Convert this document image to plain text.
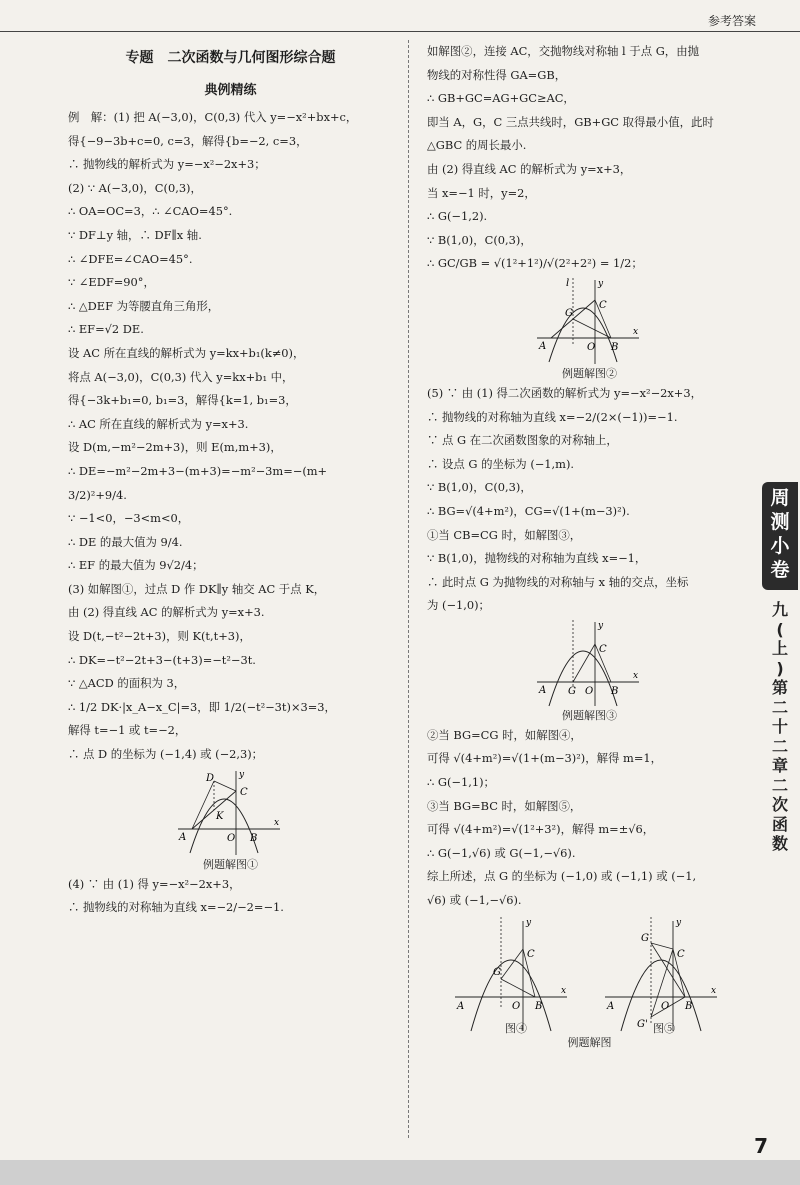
参考答案
专题　二次函数与几何图形综合题
典例精练
例　解：(1) 把 A(−3,0)，C(0,3) 代入 y=−x²+bx+c，
得{−9−3b+c=0, c=3，解得{b=−2, c=3，
∴ 抛物线的解析式为 y=−x²−2x+3；
(2) ∵ A(−3,0)，C(0,3)，
∴ OA=OC=3，∴ ∠CAO=45°.
∵ DF⊥y 轴，∴ DF∥x 轴.
∴ ∠DFE=∠CAO=45°.
∵ ∠EDF=90°，
∴ △DEF 为等腰直角三角形，
∴ EF=√2 DE.
设 AC 所在直线的解析式为 y=kx+b₁(k≠0)，
将点 A(−3,0)，C(0,3) 代入 y=kx+b₁ 中，
得{−3k+b₁=0, b₁=3，解得{k=1, b₁=3，
∴ AC 所在直线的解析式为 y=x+3.
设 D(m,−m²−2m+3)，则 E(m,m+3)，
∴ DE=−m²−2m+3−(m+3)=−m²−3m=−(m+
3/2)²+9/4.
∵ −1<0，−3<m<0，
∴ DE 的最大值为 9/4.
∴ EF 的最大值为 9√2/4；
(3) 如解图①，过点 D 作 DK∥y 轴交 AC 于点 K，
由 (2) 得直线 AC 的解析式为 y=x+3.
设 D(t,−t²−2t+3)，则 K(t,t+3)，
∴ DK=−t²−2t+3−(t+3)=−t²−3t.
∵ △ACD 的面积为 3，
∴ 1/2 DK·|x_A−x_C|=3，即 1/2(−t²−3t)×3=3，
解得 t=−1 或 t=−2，
∴ 点 D 的坐标为 (−1,4) 或 (−2,3)；
A
D
K
C
O B
x
y
例题解图①
(4) ∵ 由 (1) 得 y=−x²−2x+3，
∴ 抛物线的对称轴为直线 x=−2/−2=−1.
如解图②，连接 AC，交抛物线对称轴 l 于点 G，由抛
物线的对称性得 GA=GB，
∴ GB+GC=AG+GC≥AC，
即当 A，G，C 三点共线时，GB+GC 取得最小值，此时
△GBC 的周长最小.
由 (2) 得直线 AC 的解析式为 y=x+3，
当 x=−1 时，y=2，
∴ G(−1,2).
∵ B(1,0)，C(0,3)，
∴ GC/GB = √(1²+1²)/√(2²+2²) = 1/2；
l
G
C
A	O B
x
y
例题解图②
(5) ∵ 由 (1) 得二次函数的解析式为 y=−x²−2x+3，
∴ 抛物线的对称轴为直线 x=−2/(2×(−1))=−1.
∵ 点 G 在二次函数图象的对称轴上，
∴ 设点 G 的坐标为 (−1,m).
∵ B(1,0)，C(0,3)，
∴ BG=√(4+m²)，CG=√(1+(m−3)²).
①当 CB=CG 时，如解图③，
∵ B(1,0)，抛物线的对称轴为直线 x=−1，
∴ 此时点 G 为抛物线的对称轴与 x 轴的交点，坐标
为 (−1,0)；
C
A G O B
x
y
例题解图③
②当 BG=CG 时，如解图④，
可得 √(4+m²)=√(1+(m−3)²)，解得 m=1，
∴ G(−1,1)；
③当 BG=BC 时，如解图⑤，
可得 √(4+m²)=√(1²+3²)，解得 m=±√6，
∴ G(−1,√6) 或 G(−1,−√6).
综上所述，点 G 的坐标为 (−1,0) 或 (−1,1) 或 (−1,
√6) 或 (−1,−√6).
G
C
A	O B
x
y
G
C
A	O B
G'
x
y
图④	图⑤
例题解图
周
测
小
卷
九
(
上
)
第
二
十
二
章
二
次
函
数
7
